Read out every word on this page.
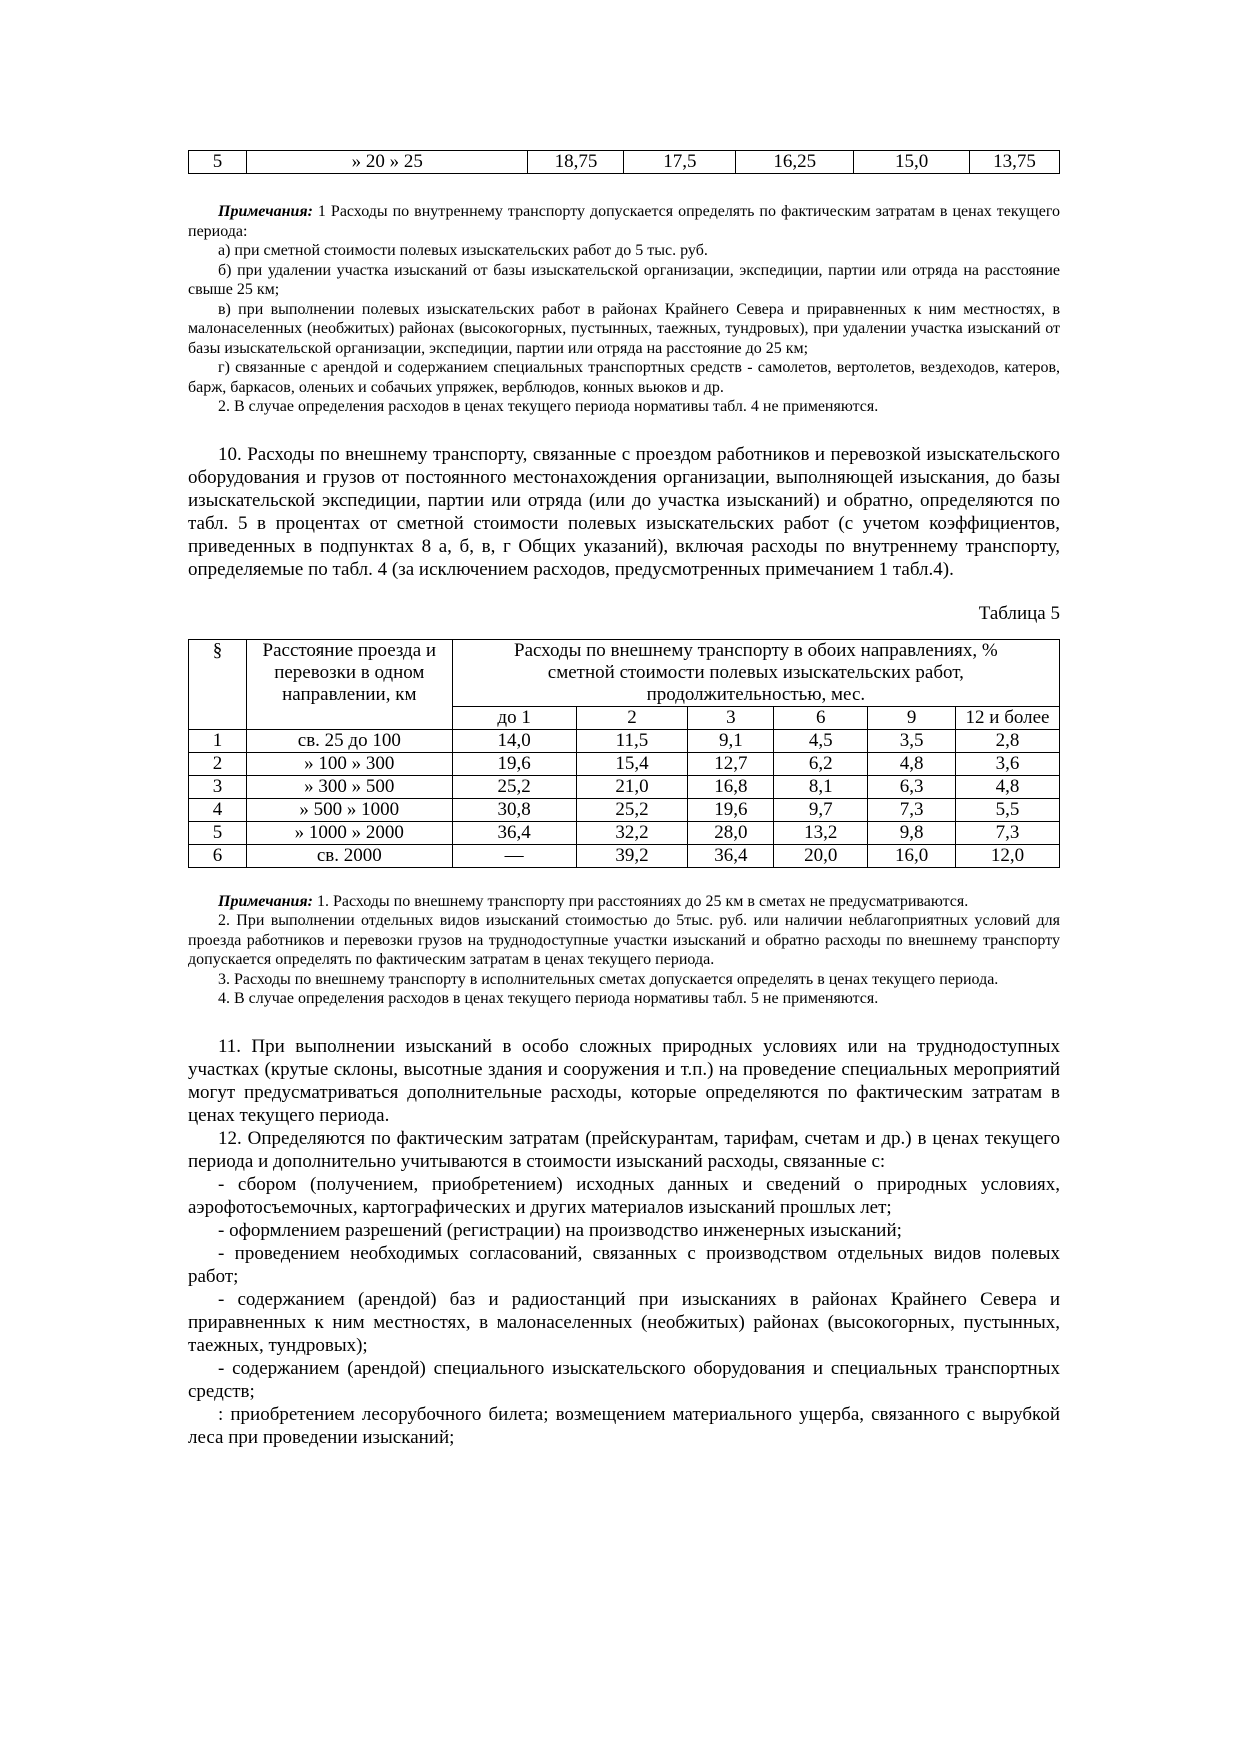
5	» 20 » 25	18,75	17,5	16,25	15,0	13,75

Примечания: 1 Расходы по внутреннему транспорту допускается определять по фактическим затратам в ценах текущего периода:

а) при сметной стоимости полевых изыскательских работ до 5 тыс. руб.

б) при удалении участка изысканий от базы изыскательской организации, экспедиции, партии или отряда на расстояние свыше 25 км;

в) при выполнении полевых изыскательских работ в районах Крайнего Севера и приравненных к ним местностях, в малонаселенных (необжитых) районах (высокогорных, пустынных, таежных, тундровых), при удалении участка изысканий от базы изыскательской организации, экспедиции, партии или отряда на расстояние до 25 км;

г) связанные с арендой и содержанием специальных транспортных средств - самолетов, вертолетов, вездеходов, катеров, барж, баркасов, оленьих и собачьих упряжек, верблюдов, конных вьюков и др.

2. В случае определения расходов в ценах текущего периода нормативы табл. 4 не применяются.

10. Расходы по внешнему транспорту, связанные с проездом работников и перевозкой изыскательского оборудования и грузов от постоянного местонахождения организации, выполняющей изыскания, до базы изыскательской экспедиции, партии или отряда (или до участка изысканий) и обратно, определяются по табл. 5 в процентах от сметной стоимости полевых изыскательских работ (с учетом коэффициентов, приведенных в подпунктах 8 а, б, в, г Общих указаний), включая расходы по внутреннему транспорту, определяемые по табл. 4 (за исключением расходов, предусмотренных примечанием 1 табл.4).

Таблица 5
§	Расстояние проезда и перевозки в одном направлении, км	Расходы по внешнему транспорту в обоих направлениях, % сметной стоимости полевых изыскательских работ, продолжительностью, мес.					
		до 1	2	3	6	9	12 и более
1	св. 25 до 100	14,0	11,5	9,1	4,5	3,5	2,8
2	» 100 » 300	19,6	15,4	12,7	6,2	4,8	3,6
3	» 300 » 500	25,2	21,0	16,8	8,1	6,3	4,8
4	» 500 » 1000	30,8	25,2	19,6	9,7	7,3	5,5
5	» 1000 » 2000	36,4	32,2	28,0	13,2	9,8	7,3
6	св. 2000	—	39,2	36,4	20,0	16,0	12,0

Примечания: 1. Расходы по внешнему транспорту при расстояниях до 25 км в сметах не предусматриваются.

2. При выполнении отдельных видов изысканий стоимостью до 5тыс. руб. или наличии неблагоприятных условий для проезда работников и перевозки грузов на труднодоступные участки изысканий и обратно расходы по внешнему транспорту допускается определять по фактическим затратам в ценах текущего периода.

3. Расходы по внешнему транспорту в исполнительных сметах допускается определять в ценах текущего периода.

4. В случае определения расходов в ценах текущего периода нормативы табл. 5 не применяются.

11. При выполнении изысканий в особо сложных природных условиях или на труднодоступных участках (крутые склоны, высотные здания и сооружения и т.п.) на проведение специальных мероприятий могут предусматриваться дополнительные расходы, которые определяются по фактическим затратам в ценах текущего периода.

12. Определяются по фактическим затратам (прейскурантам, тарифам, счетам и др.) в ценах текущего периода и дополнительно учитываются в стоимости изысканий расходы, связанные с:

- сбором (получением, приобретением) исходных данных и сведений о природных условиях, аэрофотосъемочных, картографических и других материалов изысканий прошлых лет;

- оформлением разрешений (регистрации) на производство инженерных изысканий;

- проведением необходимых согласований, связанных с производством отдельных видов полевых работ;

- содержанием (арендой) баз и радиостанций при изысканиях в районах Крайнего Севера и приравненных к ним местностях, в малонаселенных (необжитых) районах (высокогорных, пустынных, таежных, тундровых);

- содержанием (арендой) специального изыскательского оборудования и специальных транспортных средств;

: приобретением лесорубочного билета; возмещением материального ущерба, связанного с вырубкой леса при проведении изысканий;
